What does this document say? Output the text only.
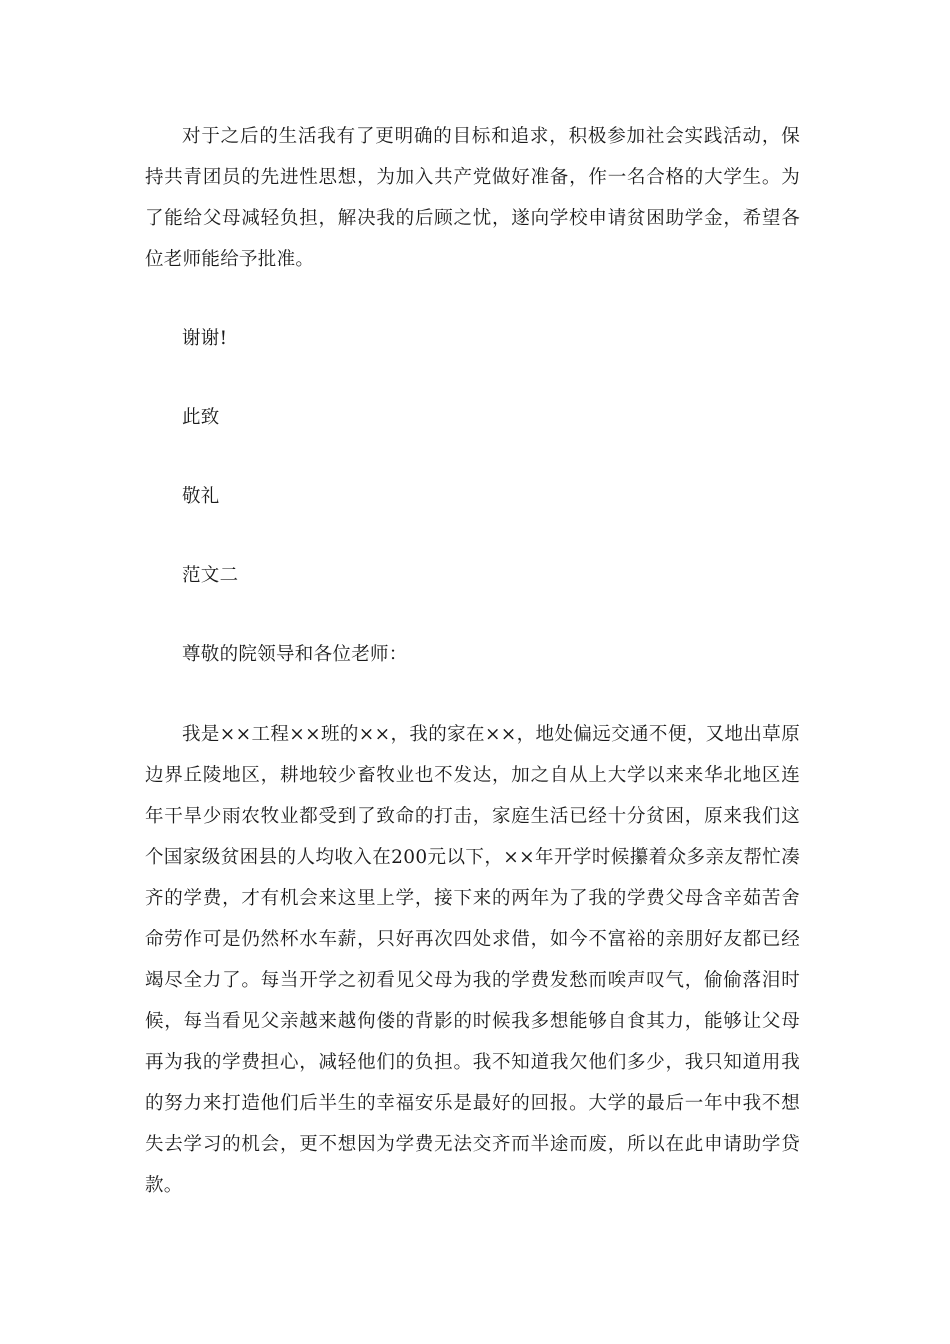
对于之后的生活我有了更明确的目标和追求，积极参加社会实践活动，保持共青团员的先进性思想，为加入共产党做好准备，作一名合格的大学生。为了能给父母减轻负担，解决我的后顾之忧，遂向学校申请贫困助学金，希望各位老师能给予批准。

谢谢!

此致

敬礼

范文二

尊敬的院领导和各位老师：

我是××工程××班的××，我的家在××，地处偏远交通不便，又地出草原边界丘陵地区，耕地较少畜牧业也不发达，加之自从上大学以来来华北地区连年干旱少雨农牧业都受到了致命的打击，家庭生活已经十分贫困，原来我们这个国家级贫困县的人均收入在200元以下，××年开学时候攥着众多亲友帮忙凑齐的学费，才有机会来这里上学，接下来的两年为了我的学费父母含辛茹苦舍命劳作可是仍然杯水车薪，只好再次四处求借，如今不富裕的亲朋好友都已经竭尽全力了。每当开学之初看见父母为我的学费发愁而唉声叹气，偷偷落泪时候，每当看见父亲越来越佝偻的背影的时候我多想能够自食其力，能够让父母再为我的学费担心，减轻他们的负担。我不知道我欠他们多少，我只知道用我的努力来打造他们后半生的幸福安乐是最好的回报。大学的最后一年中我不想失去学习的机会，更不想因为学费无法交齐而半途而废，所以在此申请助学贷款。
